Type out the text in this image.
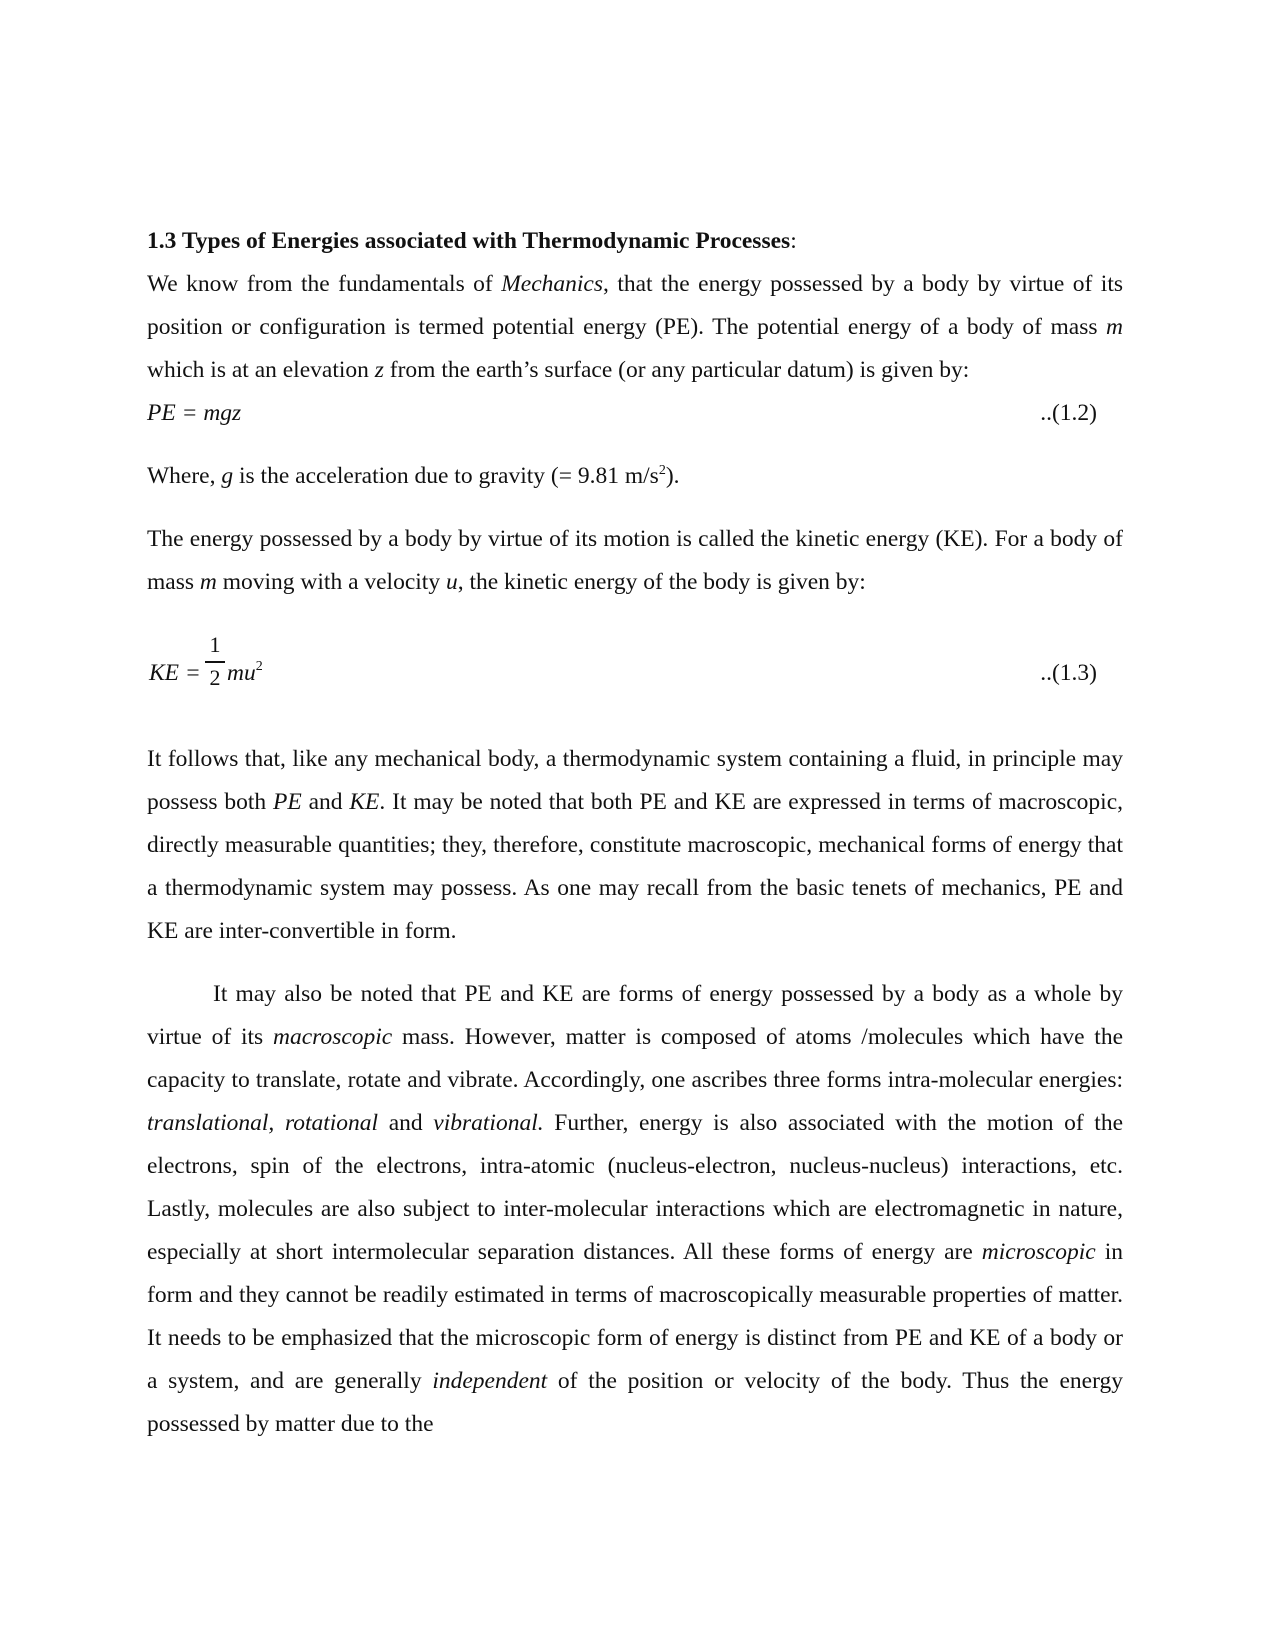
1.3 Types of Energies associated with Thermodynamic Processes:

We know from the fundamentals of Mechanics, that the energy possessed by a body by virtue of its position or configuration is termed potential energy (PE). The potential energy of a body of mass m which is at an elevation z from the earth’s surface (or any particular datum) is given by:

PE = mgz	..(1.2)

Where, g is the acceleration due to gravity (= 9.81 $m/s^2$).

The energy possessed by a body by virtue of its motion is called the kinetic energy (KE). For a body of mass m moving with a velocity u, the kinetic energy of the body is given by:

KE =
1
2 $mu^2$	..(1.3)

It follows that, like any mechanical body, a thermodynamic system containing a fluid, in principle may possess both PE and KE. It may be noted that both PE and KE are expressed in terms of macroscopic, directly measurable quantities; they, therefore, constitute macroscopic, mechanical forms of energy that a thermodynamic system may possess. As one may recall from the basic tenets of mechanics, PE and KE are inter-convertible in form.

It may also be noted that PE and KE are forms of energy possessed by a body as a whole by virtue of its macroscopic mass. However, matter is composed of atoms /molecules which have the capacity to translate, rotate and vibrate. Accordingly, one ascribes three forms intra-molecular energies: translational, rotational and vibrational. Further, energy is also associated with the motion of the electrons, spin of the electrons, intra-atomic (nucleus-electron, nucleus-nucleus) interactions, etc. Lastly, molecules are also subject to inter-molecular interactions which are electromagnetic in nature, especially at short intermolecular separation distances. All these forms of energy are microscopic in form and they cannot be readily estimated in terms of macroscopically measurable properties of matter. It needs to be emphasized that the microscopic form of energy is distinct from PE and KE of a body or a system, and are generally independent of the position or velocity of the body. Thus the energy possessed by matter due to the
